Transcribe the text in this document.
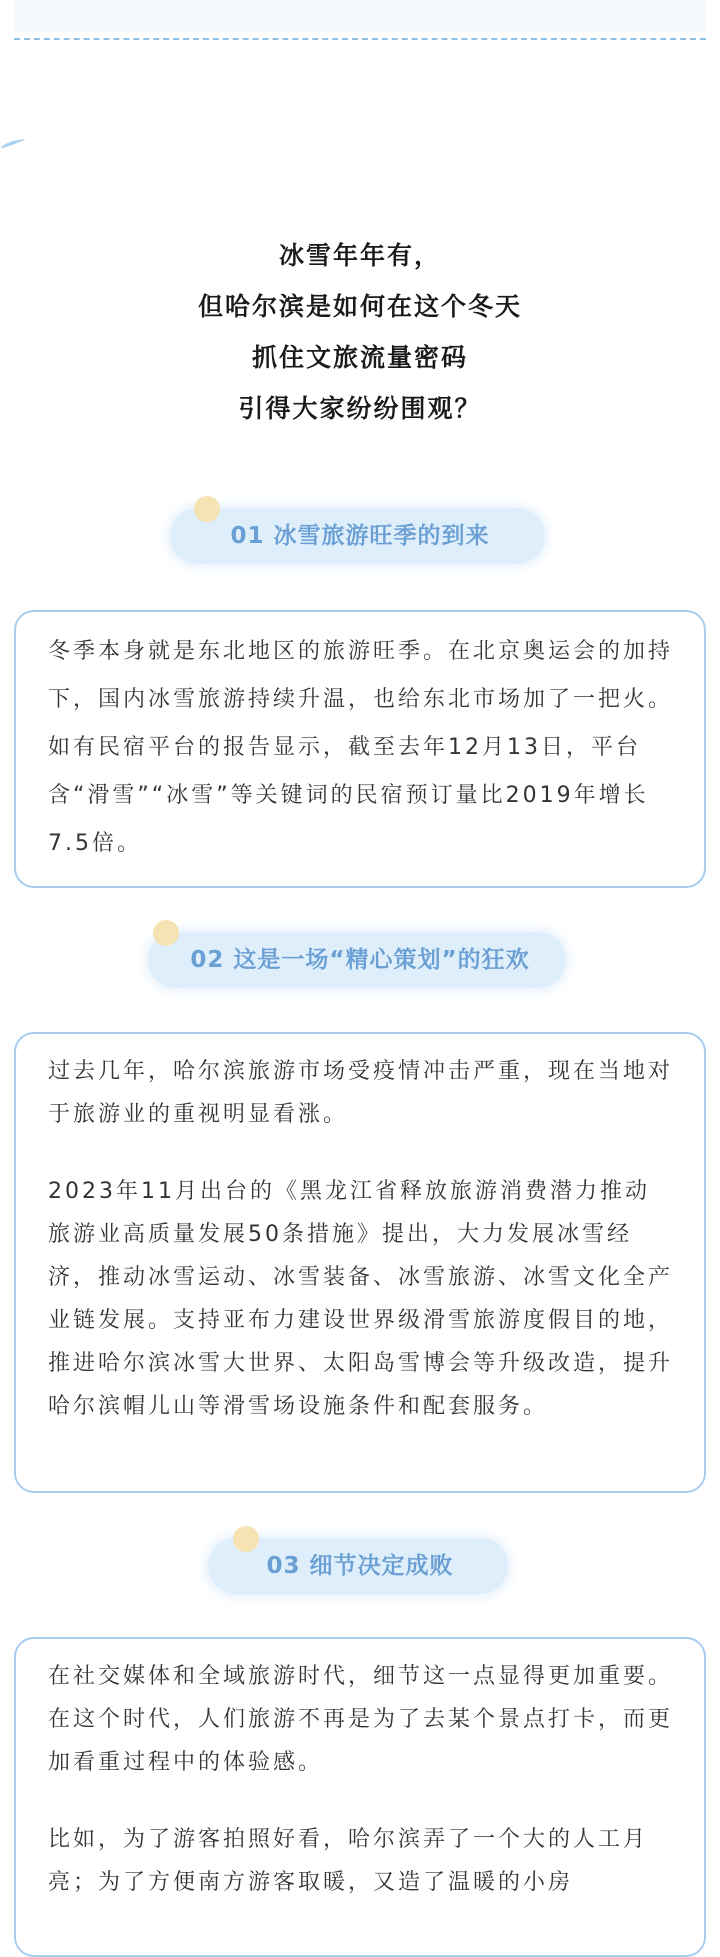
冰雪年年有，
但哈尔滨是如何在这个冬天
抓住文旅流量密码
引得大家纷纷围观？
01 冰雪旅游旺季的到来

冬季本身就是东北地区的旅游旺季。在北京奥运会的加持下，国内冰雪旅游持续升温，也给东北市场加了一把火。如有民宿平台的报告显示，截至去年12月13日，平台含“滑雪”“冰雪”等关键词的民宿预订量比2019年增长7.5倍。

02 这是一场“精心策划”的狂欢

过去几年，哈尔滨旅游市场受疫情冲击严重，现在当地对于旅游业的重视明显看涨。

2023年11月出台的《黑龙江省释放旅游消费潜力推动旅游业高质量发展50条措施》提出，大力发展冰雪经济，推动冰雪运动、冰雪装备、冰雪旅游、冰雪文化全产业链发展。支持亚布力建设世界级滑雪旅游度假目的地，推进哈尔滨冰雪大世界、太阳岛雪博会等升级改造，提升哈尔滨帽儿山等滑雪场设施条件和配套服务。

03 细节决定成败

在社交媒体和全域旅游时代，细节这一点显得更加重要。在这个时代，人们旅游不再是为了去某个景点打卡，而更加看重过程中的体验感。

比如，为了游客拍照好看，哈尔滨弄了一个大的人工月亮；为了方便南方游客取暖，又造了温暖的小房
